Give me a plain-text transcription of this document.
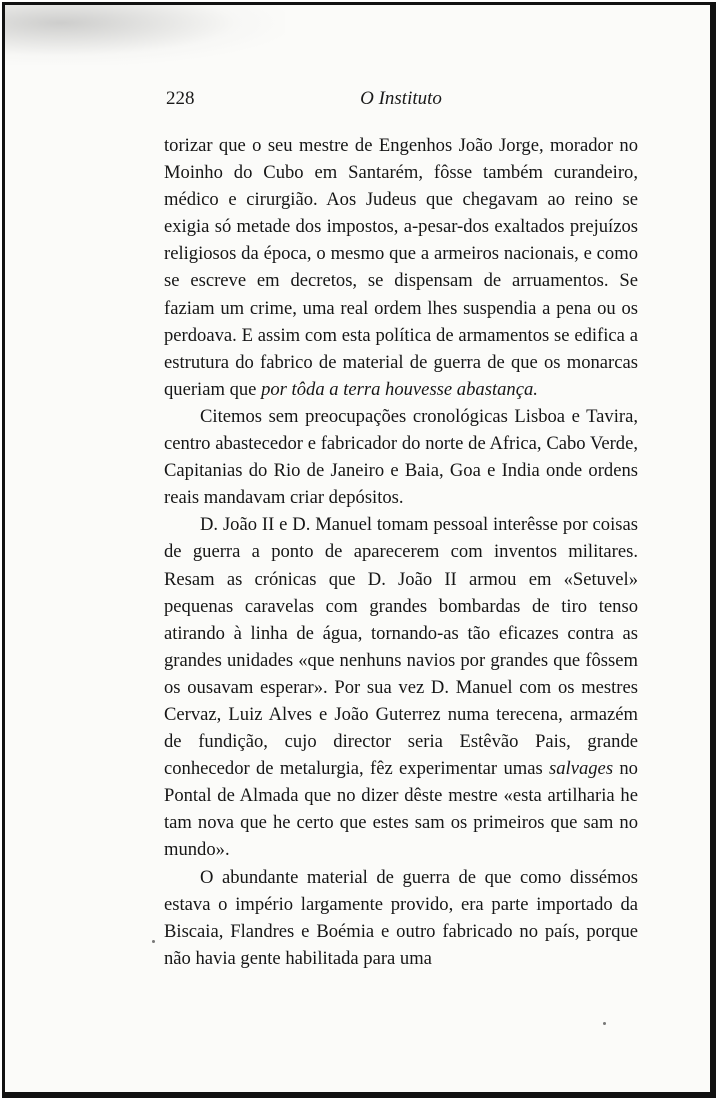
228	O Instituto

torizar que o seu mestre de Engenhos João Jorge, morador no Moinho do Cubo em Santarém, fôsse também curandeiro, médico e cirurgião. Aos Judeus que chegavam ao reino se exigia só metade dos impostos, a-pesar-dos exaltados prejuízos religiosos da época, o mesmo que a armeiros nacionais, e como se escreve em decretos, se dispensam de arruamentos. Se faziam um crime, uma real ordem lhes suspendia a pena ou os perdoava. E assim com esta política de armamentos se edifica a estrutura do fabrico de material de guerra de que os monarcas queriam que por tôda a terra houvesse abastança.

Citemos sem preocupações cronológicas Lisboa e Tavira, centro abastecedor e fabricador do norte de Africa, Cabo Verde, Capitanias do Rio de Janeiro e Baia, Goa e India onde ordens reais mandavam criar depósitos.

D. João II e D. Manuel tomam pessoal interêsse por coisas de guerra a ponto de aparecerem com inventos militares. Resam as crónicas que D. João II armou em «Setuvel» pequenas caravelas com grandes bombardas de tiro tenso atirando à linha de água, tornando-as tão eficazes contra as grandes unidades «que nenhuns navios por grandes que fôssem os ousavam esperar». Por sua vez D. Manuel com os mestres Cervaz, Luiz Alves e João Guterrez numa terecena, armazém de fundição, cujo director seria Estêvão Pais, grande conhecedor de metalurgia, fêz experimentar umas salvages no Pontal de Almada que no dizer dêste mestre «esta artilharia he tam nova que he certo que estes sam os primeiros que sam no mundo».

O abundante material de guerra de que como dissémos estava o império largamente provido, era parte importado da Biscaia, Flandres e Boémia e outro fabricado no país, porque não havia gente habilitada para uma
